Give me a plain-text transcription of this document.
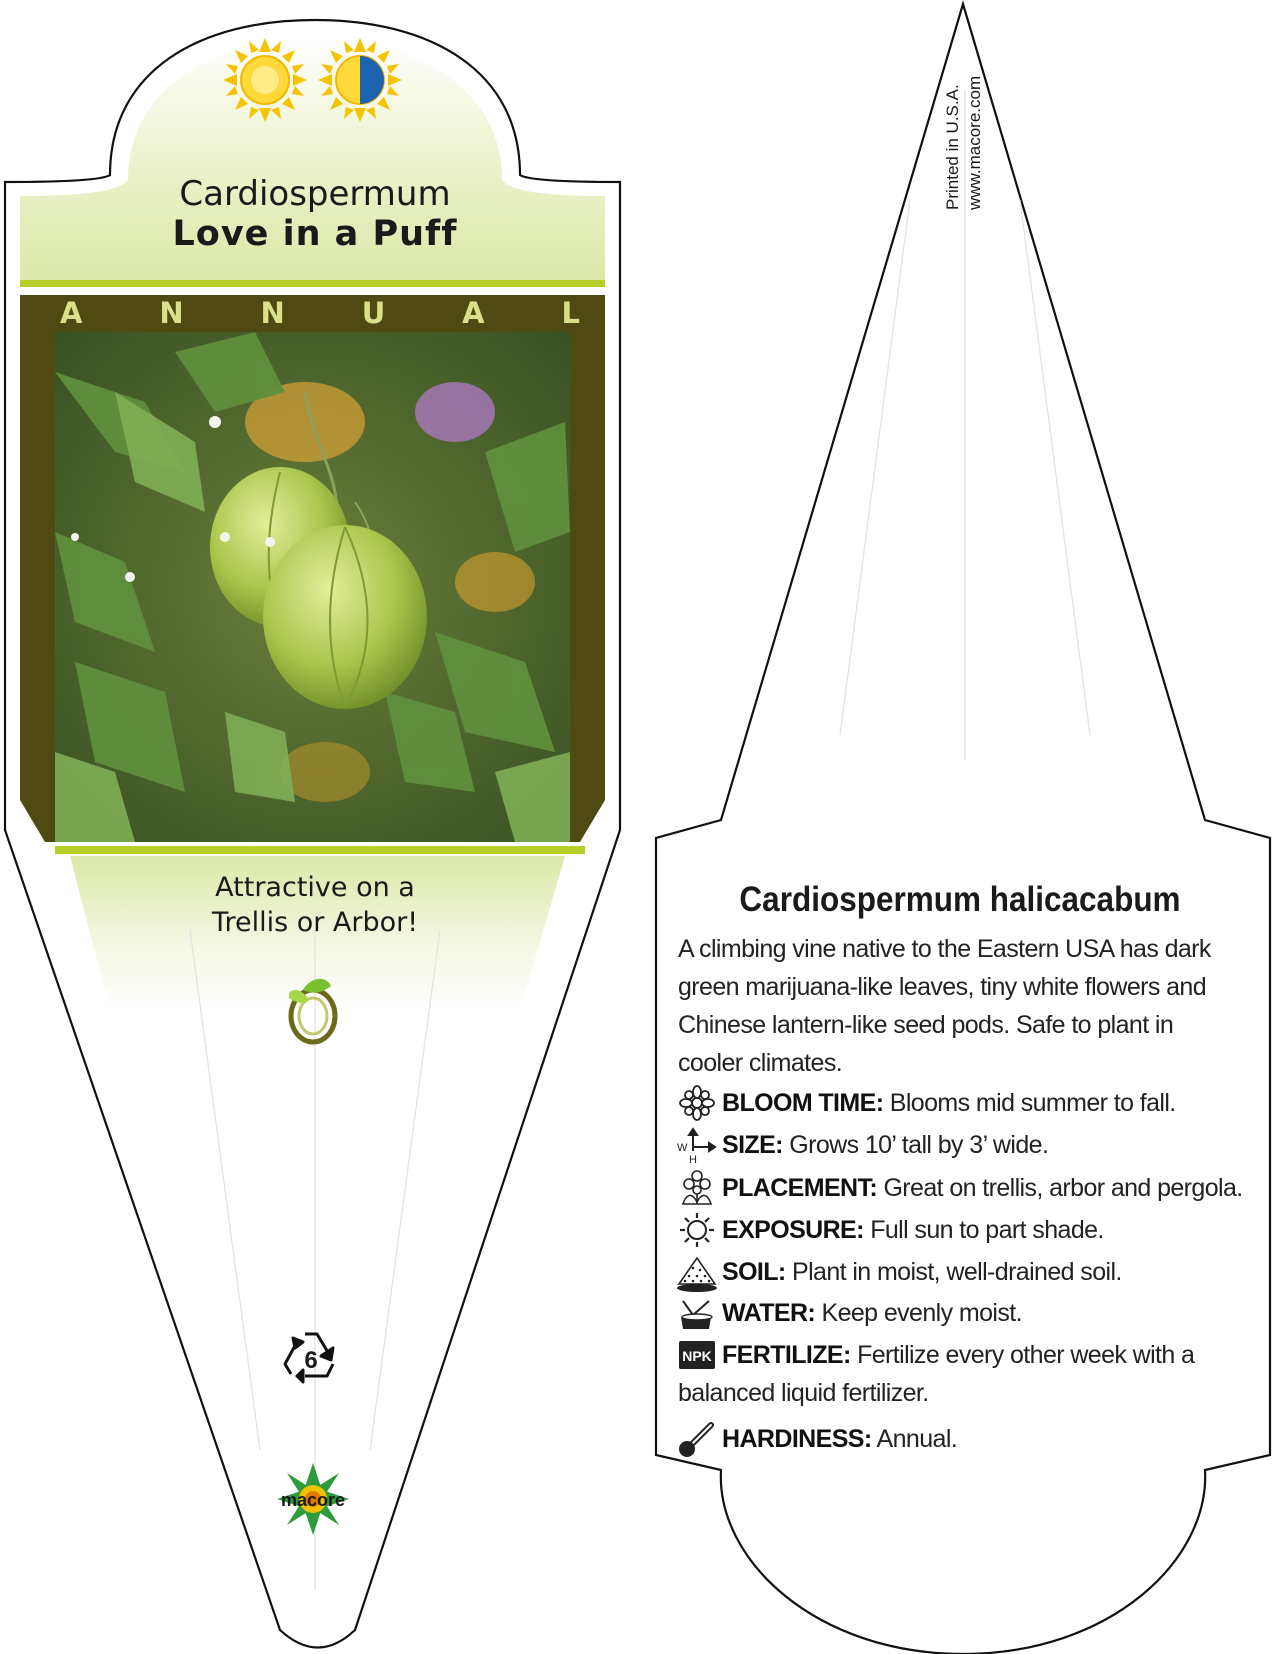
W
H
NPK
Cardiospermum
Love in a Puff
A	N	N	U	A	L
Attractive on a
Trellis or Arbor!
6
macore
Printed in U.S.A. www.macore.com
Cardiospermum halicacabum
A climbing vine native to the Eastern USA has dark green marijuana-like leaves, tiny white flowers and Chinese lantern-like seed pods. Safe to plant in cooler climates.
BLOOM TIME: Blooms mid summer to fall.
SIZE: Grows 10’ tall by 3’ wide.
PLACEMENT: Great on trellis, arbor and pergola.
EXPOSURE: Full sun to part shade.
SOIL: Plant in moist, well-drained soil.
WATER: Keep evenly moist.
FERTILIZE: Fertilize every other week with a balanced liquid fertilizer.
HARDINESS: Annual.
